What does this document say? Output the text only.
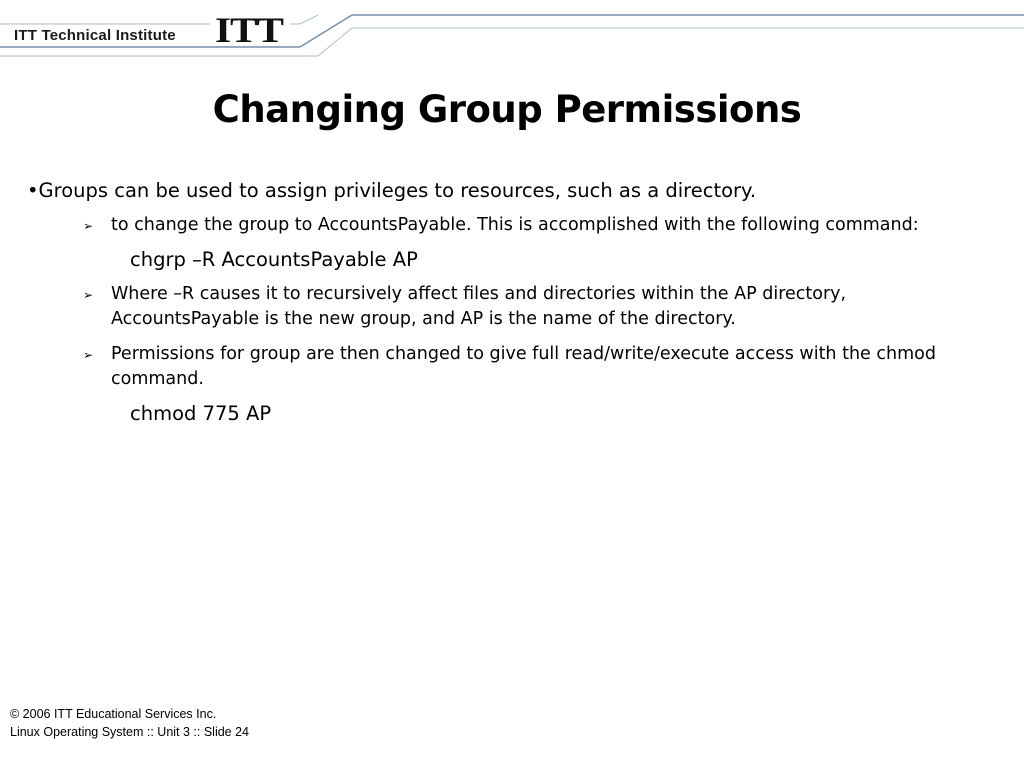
ITT Technical Institute ITT
Changing Group Permissions
•Groups can be used to assign privileges to resources, such as a directory.
➢ to change the group to AccountsPayable. This is accomplished with the following command:
chgrp –R AccountsPayable AP
➢ Where –R causes it to recursively affect files and directories within the AP directory, AccountsPayable is the new group, and AP is the name of the directory.
➢ Permissions for group are then changed to give full read/write/execute access with the chmod command.
chmod 775 AP
© 2006 ITT Educational Services Inc.
Linux Operating System :: Unit 3 :: Slide 24
